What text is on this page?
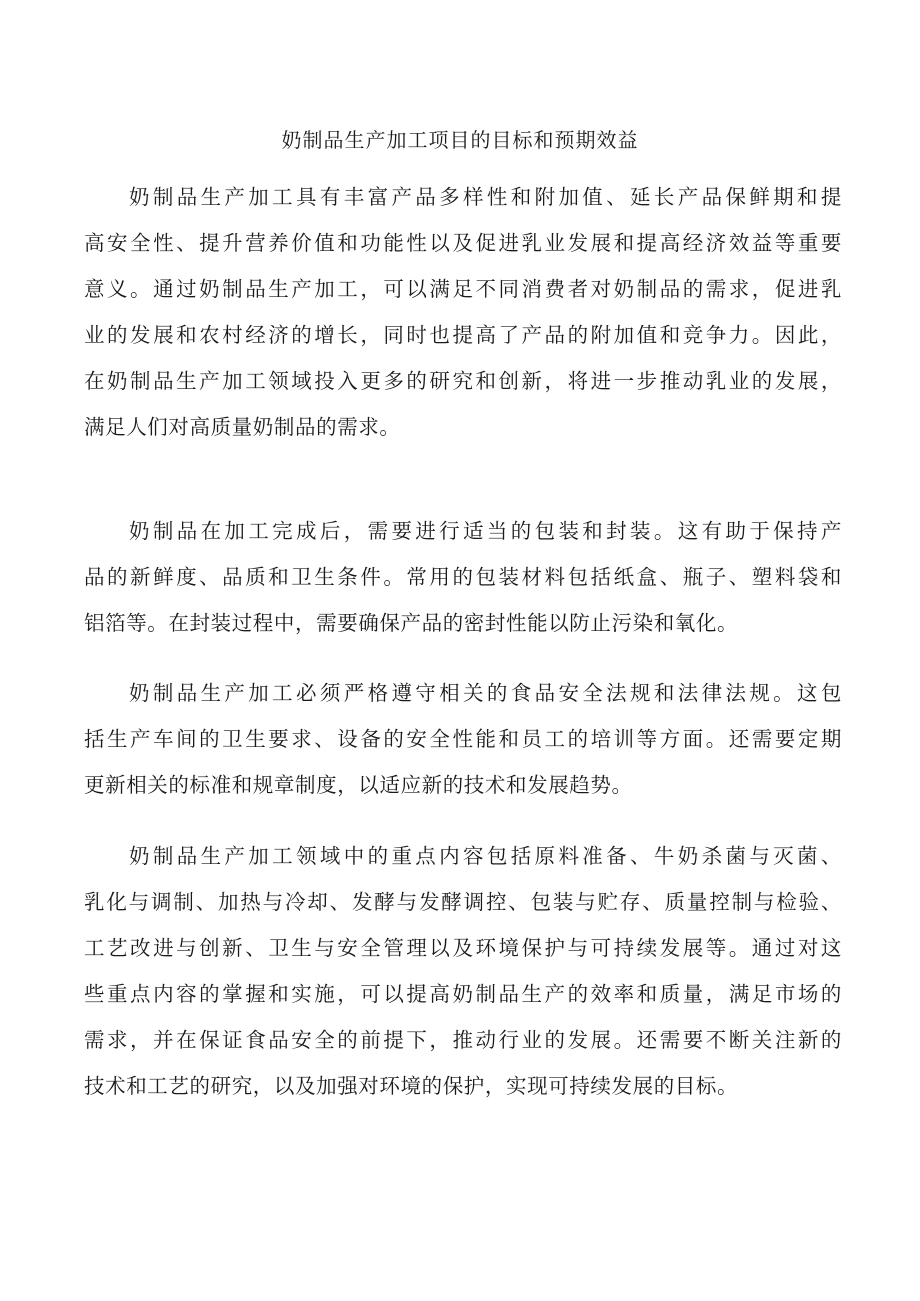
奶制品生产加工项目的目标和预期效益

奶制品生产加工具有丰富产品多样性和附加值、延长产品保鲜期和提
高安全性、提升营养价值和功能性以及促进乳业发展和提高经济效益等重要
意义。通过奶制品生产加工，可以满足不同消费者对奶制品的需求，促进乳
业的发展和农村经济的增长，同时也提高了产品的附加值和竞争力。因此，
在奶制品生产加工领域投入更多的研究和创新，将进一步推动乳业的发展，
满足人们对高质量奶制品的需求。

奶制品在加工完成后，需要进行适当的包装和封装。这有助于保持产
品的新鲜度、品质和卫生条件。常用的包装材料包括纸盒、瓶子、塑料袋和
铝箔等。在封装过程中，需要确保产品的密封性能以防止污染和氧化。

奶制品生产加工必须严格遵守相关的食品安全法规和法律法规。这包
括生产车间的卫生要求、设备的安全性能和员工的培训等方面。还需要定期
更新相关的标准和规章制度，以适应新的技术和发展趋势。

奶制品生产加工领域中的重点内容包括原料准备、牛奶杀菌与灭菌、
乳化与调制、加热与冷却、发酵与发酵调控、包装与贮存、质量控制与检验、
工艺改进与创新、卫生与安全管理以及环境保护与可持续发展等。通过对这
些重点内容的掌握和实施，可以提高奶制品生产的效率和质量，满足市场的
需求，并在保证食品安全的前提下，推动行业的发展。还需要不断关注新的
技术和工艺的研究，以及加强对环境的保护，实现可持续发展的目标。
